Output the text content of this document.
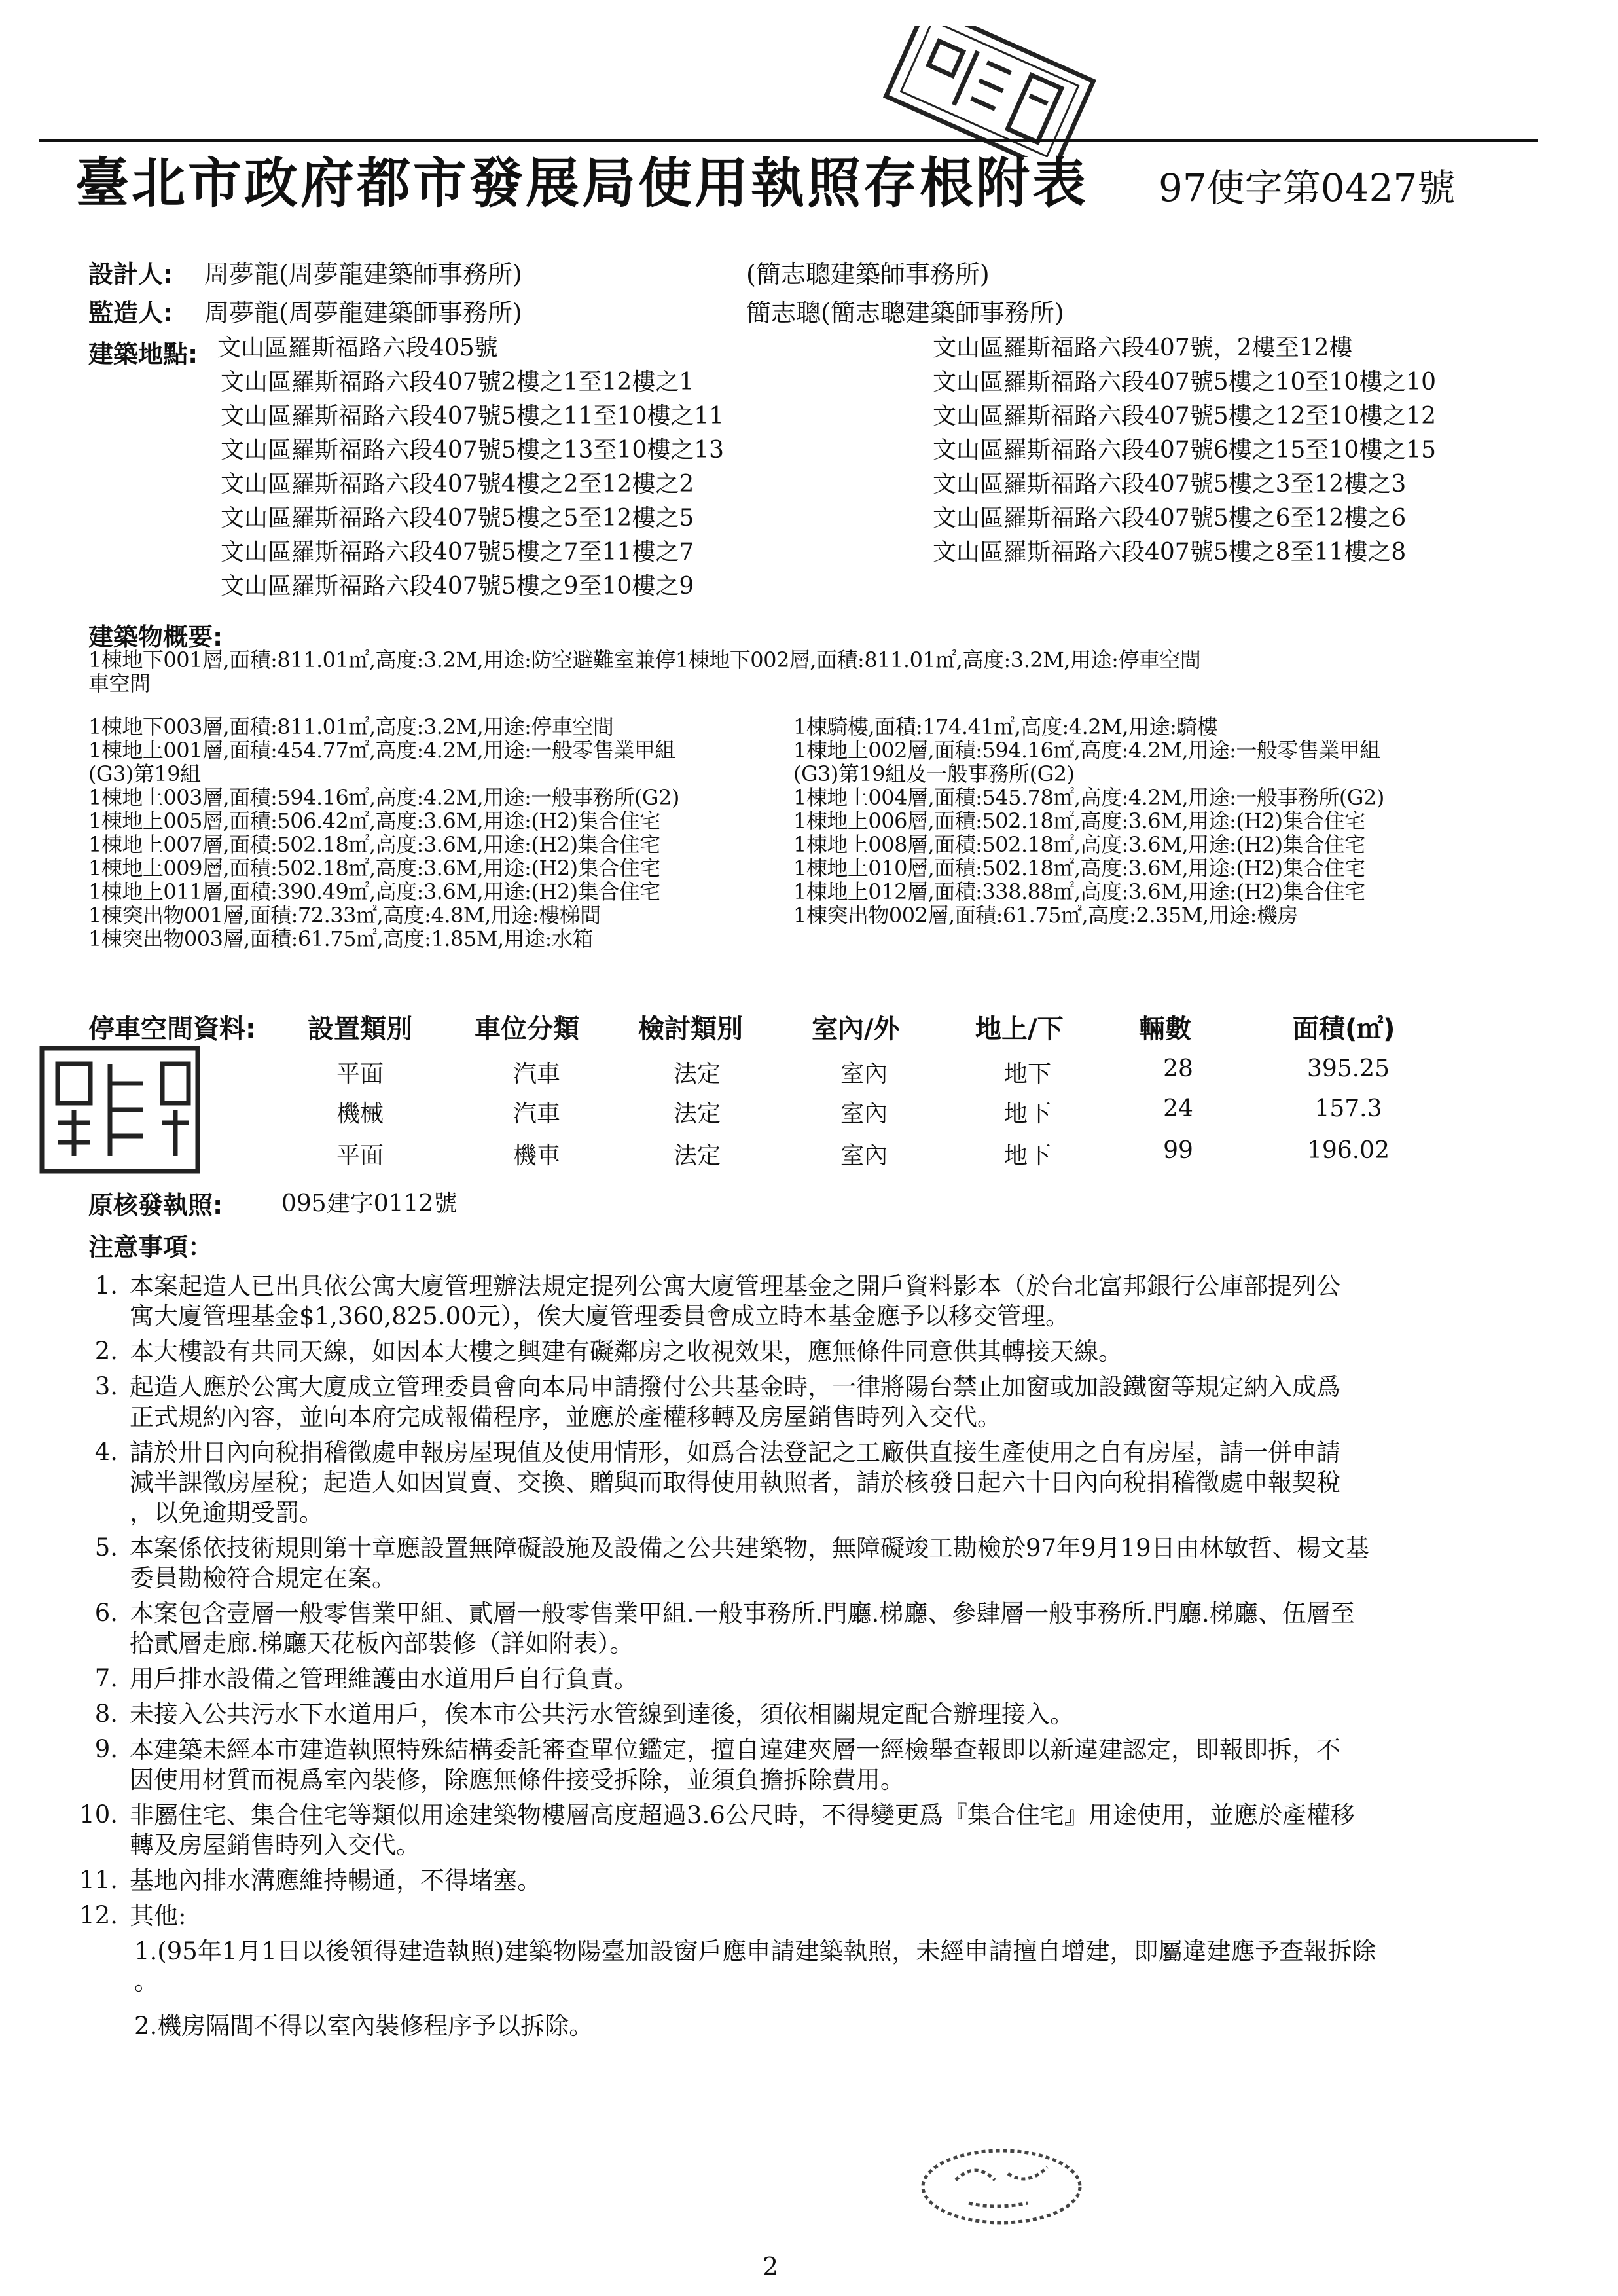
臺北市政府都市發展局使用執照存根附表 97使字第0427號
設計人: 周夢龍(周夢龍建築師事務所)	(簡志聰建築師事務所)
監造人: 周夢龍(周夢龍建築師事務所)	簡志聰(簡志聰建築師事務所)
建築地點: 文山區羅斯福路六段405號
文山區羅斯福路六段407號2樓之1至12樓之1
文山區羅斯福路六段407號5樓之11至10樓之11
文山區羅斯福路六段407號5樓之13至10樓之13
文山區羅斯福路六段407號4樓之2至12樓之2
文山區羅斯福路六段407號5樓之5至12樓之5
文山區羅斯福路六段407號5樓之7至11樓之7
文山區羅斯福路六段407號5樓之9至10樓之9
文山區羅斯福路六段407號，2樓至12樓
文山區羅斯福路六段407號5樓之10至10樓之10
文山區羅斯福路六段407號5樓之12至10樓之12
文山區羅斯福路六段407號6樓之15至10樓之15
文山區羅斯福路六段407號5樓之3至12樓之3
文山區羅斯福路六段407號5樓之6至12樓之6
文山區羅斯福路六段407號5樓之8至11樓之8
建築物概要:
1棟地下001層,面積:811.01㎡,高度:3.2M,用途:防空避難室兼停1棟地下002層,面積:811.01㎡,高度:3.2M,用途:停車空間
車空間
1棟地下003層,面積:811.01㎡,高度:3.2M,用途:停車空間
1棟地上001層,面積:454.77㎡,高度:4.2M,用途:一般零售業甲組
(G3)第19組
1棟地上003層,面積:594.16㎡,高度:4.2M,用途:一般事務所(G2)
1棟地上005層,面積:506.42㎡,高度:3.6M,用途:(H2)集合住宅
1棟地上007層,面積:502.18㎡,高度:3.6M,用途:(H2)集合住宅
1棟地上009層,面積:502.18㎡,高度:3.6M,用途:(H2)集合住宅
1棟地上011層,面積:390.49㎡,高度:3.6M,用途:(H2)集合住宅
1棟突出物001層,面積:72.33㎡,高度:4.8M,用途:樓梯間
1棟突出物003層,面積:61.75㎡,高度:1.85M,用途:水箱
1棟騎樓,面積:174.41㎡,高度:4.2M,用途:騎樓
1棟地上002層,面積:594.16㎡,高度:4.2M,用途:一般零售業甲組
(G3)第19組及一般事務所(G2)
1棟地上004層,面積:545.78㎡,高度:4.2M,用途:一般事務所(G2)
1棟地上006層,面積:502.18㎡,高度:3.6M,用途:(H2)集合住宅
1棟地上008層,面積:502.18㎡,高度:3.6M,用途:(H2)集合住宅
1棟地上010層,面積:502.18㎡,高度:3.6M,用途:(H2)集合住宅
1棟地上012層,面積:338.88㎡,高度:3.6M,用途:(H2)集合住宅
1棟突出物002層,面積:61.75㎡,高度:2.35M,用途:機房
停車空間資料: 設置類別 車位分類 檢討類別	室內/外	地上/下	輛數	面積(㎡)
平面	汽車	法定	室內	地下	28	395.25
機械	汽車	法定	室內	地下	24	157.3
平面	機車	法定	室內	地下	99	196.02
原核發執照: 095建字0112號
注意事項：
1. 本案起造人已出具依公寓大廈管理辦法規定提列公寓大廈管理基金之開戶資料影本（於台北富邦銀行公庫部提列公
寓大廈管理基金$1,360,825.00元），俟大廈管理委員會成立時本基金應予以移交管理。
2. 本大樓設有共同天線，如因本大樓之興建有礙鄰房之收視效果，應無條件同意供其轉接天線。
3. 起造人應於公寓大廈成立管理委員會向本局申請撥付公共基金時，一律將陽台禁止加窗或加設鐵窗等規定納入成爲
正式規約內容，並向本府完成報備程序，並應於產權移轉及房屋銷售時列入交代。
4. 請於卅日內向稅捐稽徵處申報房屋現值及使用情形，如爲合法登記之工廠供直接生產使用之自有房屋，請一併申請
減半課徵房屋稅；起造人如因買賣、交換、贈與而取得使用執照者，請於核發日起六十日內向稅捐稽徵處申報契稅
，以免逾期受罰。
5. 本案係依技術規則第十章應設置無障礙設施及設備之公共建築物，無障礙竣工勘檢於97年9月19日由林敏哲、楊文基
委員勘檢符合規定在案。
6. 本案包含壹層一般零售業甲組、貳層一般零售業甲組.一般事務所.門廳.梯廳、參肆層一般事務所.門廳.梯廳、伍層至
拾貳層走廊.梯廳天花板內部裝修（詳如附表）。
7. 用戶排水設備之管理維護由水道用戶自行負責。
8. 未接入公共污水下水道用戶，俟本市公共污水管線到達後，須依相關規定配合辦理接入。
9. 本建築未經本市建造執照特殊結構委託審查單位鑑定，擅自違建夾層一經檢舉查報即以新違建認定，即報即拆，不
因使用材質而視爲室內裝修，除應無條件接受拆除，並須負擔拆除費用。
10. 非屬住宅、集合住宅等類似用途建築物樓層高度超過3.6公尺時，不得變更爲『集合住宅』用途使用，並應於產權移
轉及房屋銷售時列入交代。
11. 基地內排水溝應維持暢通，不得堵塞。
12. 其他:
1.(95年1月1日以後領得建造執照)建築物陽臺加設窗戶應申請建築執照，未經申請擅自增建，即屬違建應予查報拆除
。
2.機房隔間不得以室內裝修程序予以拆除。
2
